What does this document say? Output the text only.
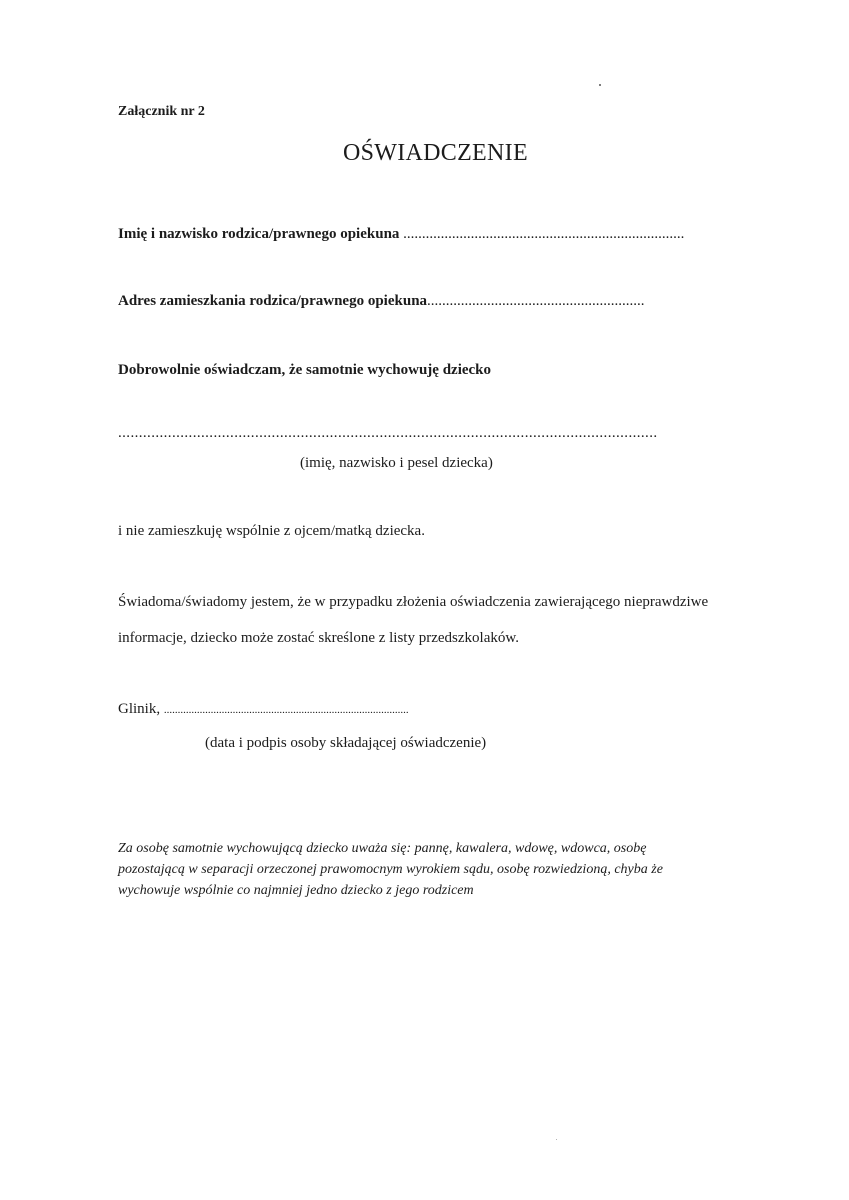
Załącznik nr 2
OŚWIADCZENIE
Imię i nazwisko rodzica/prawnego opiekuna ...........................................................................
Adres zamieszkania rodzica/prawnego opiekuna..........................................................
Dobrowolnie oświadczam, że samotnie wychowuję dziecko
..................................................................................................................................
(imię, nazwisko i pesel dziecka)
i nie zamieszkuję wspólnie z ojcem/matką dziecka.
Świadoma/świadomy jestem, że w przypadku złożenia oświadczenia zawierającego nieprawdziwe
informacje, dziecko może zostać skreślone z listy przedszkolaków.
Glinik, .........................................................................................
(data i podpis osoby składającej oświadczenie)
Za osobę samotnie wychowującą dziecko uważa się: pannę, kawalera, wdowę, wdowca, osobę
pozostającą w separacji orzeczonej prawomocnym wyrokiem sądu, osobę rozwiedzioną, chyba że
wychowuje wspólnie co najmniej jedno dziecko z jego rodzicem
